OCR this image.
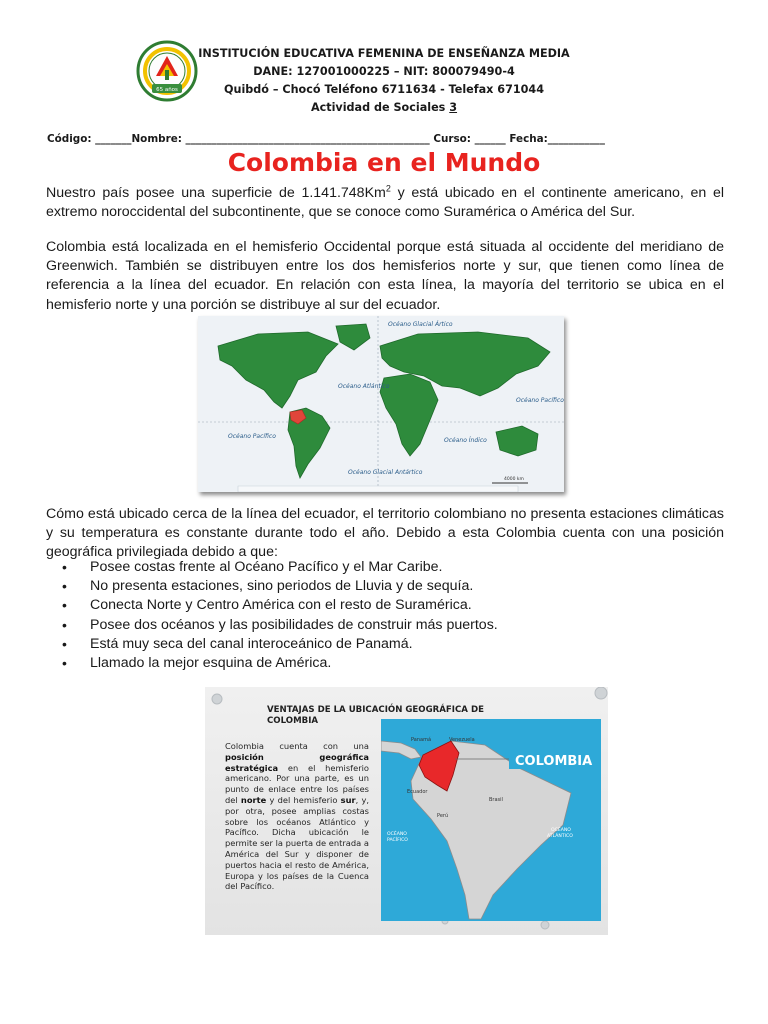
65 años
INSTITUCIÓN EDUCATIVA FEMENINA DE ENSEÑANZA MEDIA
DANE: 127001000225 – NIT: 800079490-4
Quibdó – Chocó Teléfono 6711634 - Telefax 671044
Actividad de Sociales 3
Código: _______Nombre: _______________________________________________ Curso: ______ Fecha:___________
Colombia en el Mundo

Nuestro país posee una superficie de 1.141.748Km$^2$ y está ubicado en el continente americano, en el extremo noroccidental del subcontinente, que se conoce como Suramérica o América del Sur.

Colombia está localizada en el hemisferio Occidental porque está situada al occidente del meridiano de Greenwich. También se distribuyen entre los dos hemisferios norte y sur, que tienen como línea de referencia a la línea del ecuador. En relación con esta línea, la mayoría del territorio se ubica en el hemisferio norte y una porción se distribuye al sur del ecuador.

Océano Glacial Ártico
Océano Atlántico
Océano Pacífico
Océano Pacífico
Océano Índico
Océano Glacial Antártico
4000 km

Cómo está ubicado cerca de la línea del ecuador, el territorio colombiano no presenta estaciones climáticas y su temperatura es constante durante todo el año. Debido a esta Colombia cuenta con una posición geográfica privilegiada debido a que:

• Posee costas frente al Océano Pacífico y el Mar Caribe.
• No presenta estaciones, sino periodos de Lluvia y de sequía.
• Conecta Norte y Centro América con el resto de Suramérica.
• Posee dos océanos y las posibilidades de construir más puertos.
• Está muy seca del canal interoceánico de Panamá.
• Llamado la mejor esquina de América.
VENTAJAS DE LA UBICACIÓN GEOGRÁFICA DE
COLOMBIA
Colombia cuenta con una posición geográfica estratégica en el hemisferio americano. Por una parte, es un punto de enlace entre los países del norte y del hemisferio sur, y, por otra, posee amplias costas sobre los océanos Atlántico y Pacífico. Dicha ubicación le permite ser la puerta de entrada a América del Sur y disponer de puertos hacia el resto de América, Europa y los países de la Cuenca del Pacífico.
COLOMBIA
Panamá	Venezuela
Ecuador
Brasil
Perú
OCÉANO
PACÍFICO
OCÉANO
ATLÁNTICO
